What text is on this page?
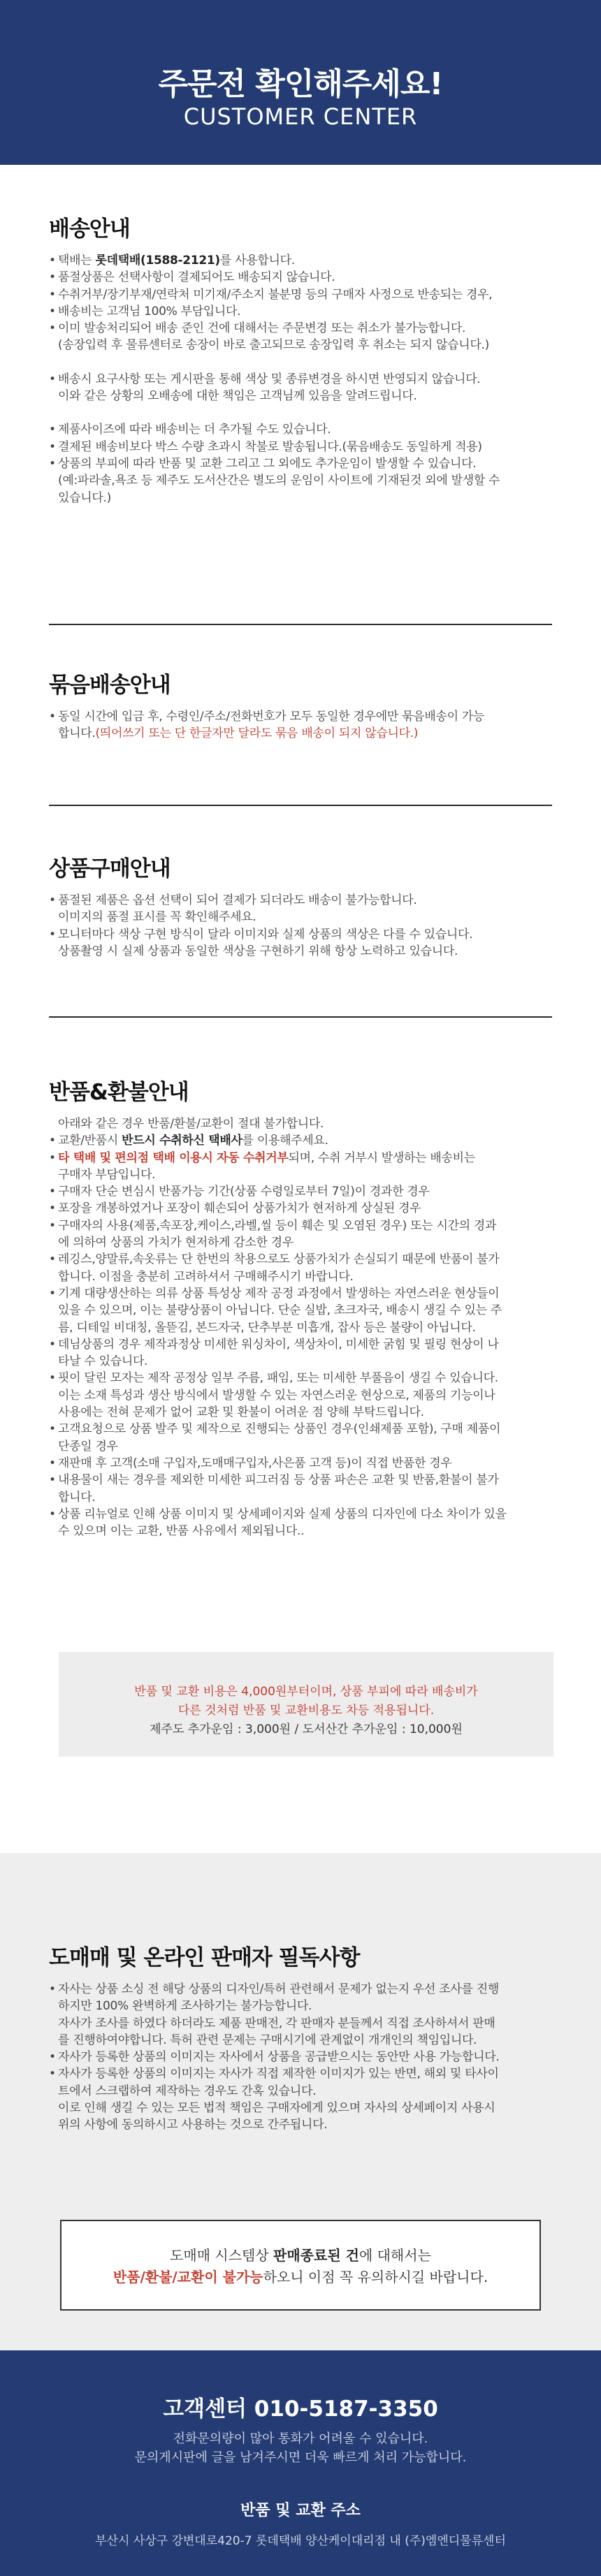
주문전 확인해주세요!
CUSTOMER CENTER
배송안내
• 택배는 롯데택배(1588-2121)를 사용합니다.
• 품절상품은 선택사항이 결제되어도 배송되지 않습니다.
• 수취거부/장기부재/연락처 미기재/주소지 불분명 등의 구매자 사정으로 반송되는 경우,
• 배송비는 고객님 100% 부담입니다.
• 이미 발송처리되어 배송 준인 건에 대해서는 주문변경 또는 취소가 불가능합니다.
(송장입력 후 물류센터로 송장이 바로 출고되므로 송장입력 후 취소는 되지 않습니다.)
• 배송시 요구사항 또는 게시판을 통해 색상 및 종류변경을 하시면 반영되지 않습니다.
이와 같은 상황의 오배송에 대한 책임은 고객님께 있음을 알려드립니다.
• 제품사이즈에 따라 배송비는 더 추가될 수도 있습니다.
• 결제된 배송비보다 박스 수량 초과시 착불로 발송됩니다.(묶음배송도 동일하게 적용)
• 상품의 부피에 따라 반품 및 교환 그리고 그 외에도 추가운임이 발생할 수 있습니다.
(예:파라솔,욕조 등 제주도 도서산간은 별도의 운임이 사이트에 기재된것 외에 발생할 수
있습니다.)
묶음배송안내
• 동일 시간에 입금 후, 수령인/주소/전화번호가 모두 동일한 경우에만 묶음배송이 가능
합니다.(띄어쓰기 또는 단 한글자만 달라도 묶음 배송이 되지 않습니다.)
상품구매안내
• 품절된 제품은 옵션 선택이 되어 결제가 되더라도 배송이 불가능합니다.
이미지의 품절 표시를 꼭 확인해주세요.
• 모니터마다 색상 구현 방식이 달라 이미지와 실제 상품의 색상은 다를 수 있습니다.
상품촬영 시 실제 상품과 동일한 색상을 구현하기 위해 항상 노력하고 있습니다.
반품&환불안내
아래와 같은 경우 반품/환불/교환이 절대 불가합니다.
• 교환/반품시 반드시 수취하신 택배사를 이용해주세요.
• 타 택배 및 편의점 택배 이용시 자동 수취거부되며, 수취 거부시 발생하는 배송비는
구매자 부담입니다.
• 구매자 단순 변심시 반품가능 기간(상품 수령일로부터 7일)이 경과한 경우
• 포장을 개봉하였거나 포장이 훼손되어 상품가치가 현저하게 상실된 경우
• 구매자의 사용(제품,속포장,케이스,라벨,씰 등이 훼손 및 오염된 경우) 또는 시간의 경과
에 의하여 상품의 가치가 현저하게 감소한 경우
• 레깅스,양말류,속옷류는 단 한번의 착용으로도 상품가치가 손실되기 때문에 반품이 불가
합니다. 이점을 충분히 고려하셔서 구매해주시기 바랍니다.
• 기계 대량생산하는 의류 상품 특성상 제작 공정 과정에서 발생하는 자연스러운 현상들이
있을 수 있으며, 이는 불량상품이 아닙니다. 단순 실밥, 초크자국, 배송시 생길 수 있는 주
름, 디테일 비대칭, 올뜯김, 본드자국, 단추부분 미흡개, 잡사 등은 불량이 아닙니다.
• 데님상품의 경우 제작과정상 미세한 워싱차이, 색상차이, 미세한 굵힘 및 필링 현상이 나
타날 수 있습니다.
• 핏이 달린 모자는 제작 공정상 일부 주름, 패임, 또는 미세한 부풀음이 생길 수 있습니다.
이는 소재 특성과 생산 방식에서 발생할 수 있는 자연스러운 현상으로, 제품의 기능이나
사용에는 전혀 문제가 없어 교환 및 환불이 어려운 점 양해 부탁드립니다.
• 고객요청으로 상품 발주 및 제작으로 진행되는 상품인 경우(인쇄제품 포함), 구매 제품이
단종일 경우
• 재판매 후 고객(소매 구입자,도매매구입자,사은품 고객 등)이 직접 반품한 경우
• 내용물이 새는 경우를 제외한 미세한 피그러짐 등 상품 파손은 교환 및 반품,환불이 불가
합니다.
• 상품 리뉴얼로 인해 상품 이미지 및 상세페이지와 실제 상품의 디자인에 다소 차이가 있을
수 있으며 이는 교환, 반품 사유에서 제외됩니다..
반품 및 교환 비용은 4,000원부터이며, 상품 부피에 따라 배송비가
다른 것처럼 반품 및 교환비용도 차등 적용됩니다.
제주도 추가운임 : 3,000원 / 도서산간 추가운임 : 10,000원
도매매 및 온라인 판매자 필독사항
• 자사는 상품 소싱 전 해당 상품의 디자인/특허 관련해서 문제가 없는지 우선 조사를 진행
하지만 100% 완벽하게 조사하기는 불가능합니다.
자사가 조사를 하였다 하더라도 제품 판매전, 각 판매자 분들께서 직접 조사하셔서 판매
를 진행하여야합니다. 특허 관련 문제는 구매시기에 관계없이 개개인의 책임입니다.
• 자사가 등록한 상품의 이미지는 자사에서 상품을 공급받으시는 동안만 사용 가능합니다.
• 자사가 등록한 상품의 이미지는 자사가 직접 제작한 이미지가 있는 반면, 해외 및 타사이
트에서 스크랩하여 제작하는 경우도 간혹 있습니다.
이로 인해 생길 수 있는 모든 법적 책임은 구매자에게 있으며 자사의 상세페이지 사용시
위의 사항에 동의하시고 사용하는 것으로 간주됩니다.
도매매 시스템상 판매종료된 건에 대해서는
반품/환불/교환이 불가능하오니 이점 꼭 유의하시길 바랍니다.
고객센터 010-5187-3350
전화문의량이 많아 통화가 어려울 수 있습니다.
문의게시판에 글을 남겨주시면 더욱 빠르게 처리 가능합니다.
반품 및 교환 주소
부산시 사상구 강변대로420-7 롯데택배 양산케이대리점 내 (주)엠엔디물류센터
